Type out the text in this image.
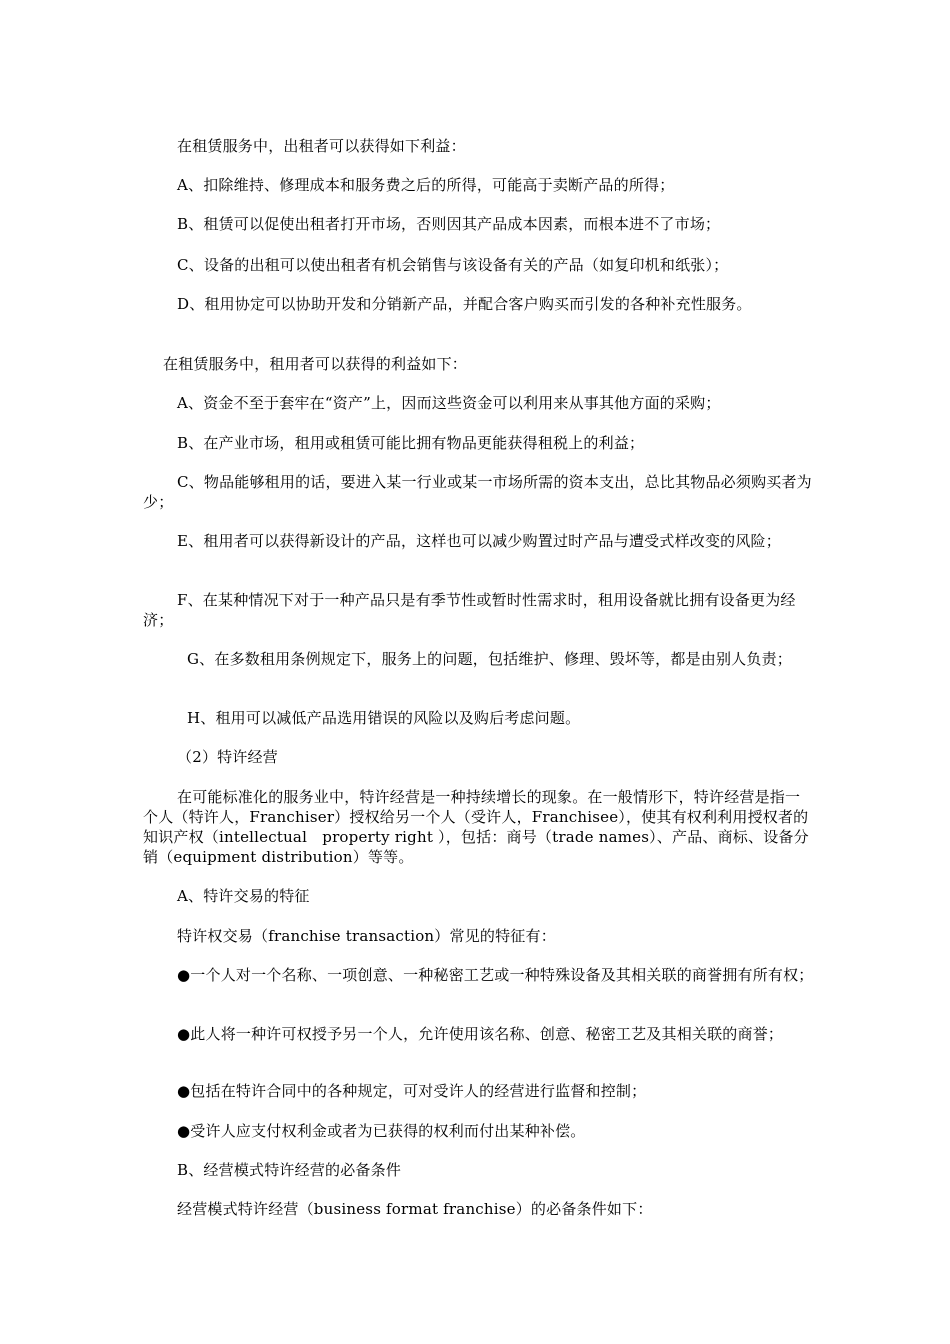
在租赁服务中，出租者可以获得如下利益：

A、扣除维持、修理成本和服务费之后的所得，可能高于卖断产品的所得；

B、租赁可以促使出租者打开市场，否则因其产品成本因素，而根本进不了市场；

C、设备的出租可以使出租者有机会销售与该设备有关的产品（如复印机和纸张）；

D、租用协定可以协助开发和分销新产品，并配合客户购买而引发的各种补充性服务。

在租赁服务中，租用者可以获得的利益如下：

A、资金不至于套牢在“资产”上，因而这些资金可以利用来从事其他方面的采购；

B、在产业市场，租用或租赁可能比拥有物品更能获得租税上的利益；

C、物品能够租用的话，要进入某一行业或某一市场所需的资本支出，总比其物品必须购买者为少；

E、租用者可以获得新设计的产品，这样也可以减少购置过时产品与遭受式样改变的风险；

F、在某种情况下对于一种产品只是有季节性或暂时性需求时，租用设备就比拥有设备更为经济；

G、在多数租用条例规定下，服务上的问题，包括维护、修理、毁坏等，都是由别人负责；

H、租用可以减低产品选用错误的风险以及购后考虑问题。

（2）特许经营

在可能标准化的服务业中，特许经营是一种持续增长的现象。在一般情形下，特许经营是指一个人（特许人，Franchiser）授权给另一个人（受许人，Franchisee），使其有权利利用授权者的知识产权（intellectual　property right ），包括：商号（trade names）、产品、商标、设备分销（equipment distribution）等等。

A、特许交易的特征

特许权交易（franchise transaction）常见的特征有：

●一个人对一个名称、一项创意、一种秘密工艺或一种特殊设备及其相关联的商誉拥有所有权；

●此人将一种许可权授予另一个人，允许使用该名称、创意、秘密工艺及其相关联的商誉；

●包括在特许合同中的各种规定，可对受许人的经营进行监督和控制；

●受许人应支付权利金或者为已获得的权利而付出某种补偿。

B、经营模式特许经营的必备条件

经营模式特许经营（business format franchise）的必备条件如下：
